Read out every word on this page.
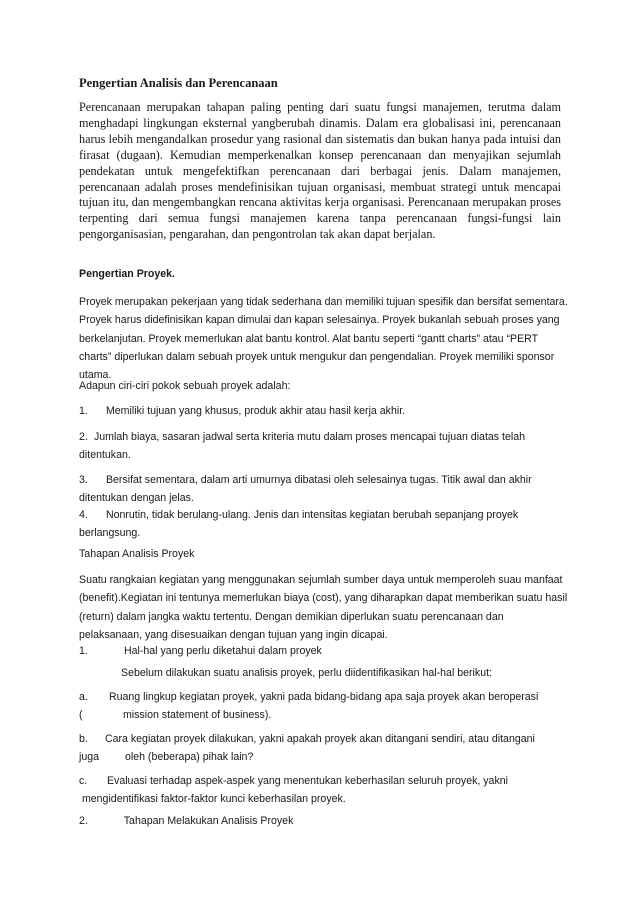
Pengertian Analisis dan Perencanaan
Perencanaan merupakan tahapan paling penting dari suatu fungsi manajemen, terutma dalam menghadapi lingkungan eksternal yangberubah dinamis. Dalam era globalisasi ini, perencanaan harus lebih mengandalkan prosedur yang rasional dan sistematis dan bukan hanya pada intuisi dan firasat (dugaan). Kemudian memperkenalkan konsep perencanaan dan menyajikan sejumlah pendekatan untuk mengefektifkan perencanaan dari berbagai jenis. Dalam manajemen, perencanaan adalah proses mendefinisikan tujuan organisasi, membuat strategi untuk mencapai tujuan itu, dan mengembangkan rencana aktivitas kerja organisasi. Perencanaan merupakan proses terpenting dari semua fungsi manajemen karena tanpa perencanaan fungsi-fungsi lain pengorganisasian, pengarahan, dan pengontrolan tak akan dapat berjalan.
Pengertian Proyek.
Proyek merupakan pekerjaan yang tidak sederhana dan memiliki tujuan spesifik dan bersifat sementara. Proyek harus didefinisikan kapan dimulai dan kapan selesainya. Proyek bukanlah sebuah proses yang berkelanjutan. Proyek memerlukan alat bantu kontrol. Alat bantu seperti “gantt charts” atau “PERT charts” diperlukan dalam sebuah proyek untuk mengukur dan pengendalian. Proyek memiliki sponsor utama.
Adapun ciri-ciri pokok sebuah proyek adalah:
1. Memiliki tujuan yang khusus, produk akhir atau hasil kerja akhir.
2. Jumlah biaya, sasaran jadwal serta kriteria mutu dalam proses mencapai tujuan diatas telah ditentukan.
3. Bersifat sementara, dalam arti umurnya dibatasi oleh selesainya tugas. Titik awal dan akhir ditentukan dengan jelas.
4. Nonrutin, tidak berulang-ulang. Jenis dan intensitas kegiatan berubah sepanjang proyek berlangsung.
Tahapan Analisis Proyek
Suatu rangkaian kegiatan yang menggunakan sejumlah sumber daya untuk memperoleh suau manfaat (benefit).Kegiatan ini tentunya memerlukan biaya (cost), yang diharapkan dapat memberikan suatu hasil (return) dalam jangka waktu tertentu. Dengan demikian diperlukan suatu perencanaan dan pelaksanaan, yang disesuaikan dengan tujuan yang ingin dicapai.
1.	Hal-hal yang perlu diketahui dalam proyek
Sebelum dilakukan suatu analisis proyek, perlu diidentifikasikan hal-hal berikut:
a. Ruang lingkup kegiatan proyek, yakni pada bidang-bidang apa saja proyek akan beroperasi
(	mission statement of business).
b. Cara kegiatan proyek dilakukan, yakni apakah proyek akan ditangani sendiri, atau ditangani
juga oleh (beberapa) pihak lain?
c. Evaluasi terhadap aspek-aspek yang menentukan keberhasilan seluruh proyek, yakni
mengidentifikasi faktor-faktor kunci keberhasilan proyek.
2.	Tahapan Melakukan Analisis Proyek
